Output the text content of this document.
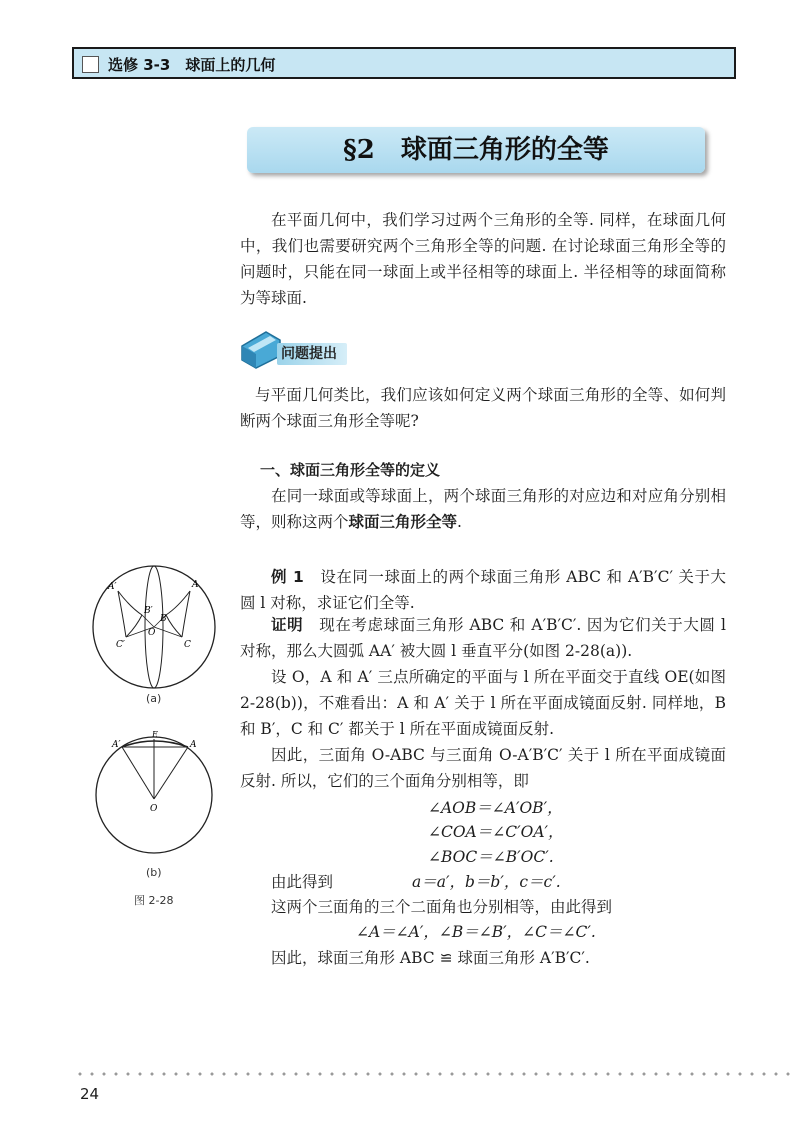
选修 3-3　球面上的几何
§2　球面三角形的全等
在平面几何中，我们学习过两个三角形的全等. 同样，在球面几何中，我们也需要研究两个三角形全等的问题. 在讨论球面三角形全等的问题时，只能在同一球面上或半径相等的球面上. 半径相等的球面简称为等球面.
问题提出
与平面几何类比，我们应该如何定义两个球面三角形的全等、如何判断两个球面三角形全等呢?
一、球面三角形全等的定义
在同一球面或等球面上，两个球面三角形的对应边和对应角分别相等，则称这两个球面三角形全等.
例 1　 设在同一球面上的两个球面三角形 ABC 和 A′B′C′ 关于大圆 l 对称，求证它们全等.
证明　 现在考虑球面三角形 ABC 和 A′B′C′. 因为它们关于大圆 l 对称，那么大圆弧 AA′ 被大圆 l 垂直平分(如图 2-28(a)).
设 O，A 和 A′ 三点所确定的平面与 l 所在平面交于直线 OE(如图 2-28(b))，不难看出：A 和 A′ 关于 l 所在平面成镜面反射. 同样地，B 和 B′，C 和 C′ 都关于 l 所在平面成镜面反射.
因此，三面角 O-ABC 与三面角 O-A′B′C′ 关于 l 所在平面成镜面反射. 所以，它们的三个面角分别相等，即
∠AOB＝∠A′OB′，
∠COA＝∠C′OA′，
∠BOC＝∠B′OC′.
由此得到	a＝a′，b＝b′，c＝c′.
这两个三面角的三个二面角也分别相等，由此得到
∠A＝∠A′，∠B＝∠B′，∠C＝∠C′.
因此，球面三角形 ABC ≌ 球面三角形 A′B′C′.
A′	A
B′
B
O
C′	C
(a)
A′
E
A
O
(b)
图 2-28
24
